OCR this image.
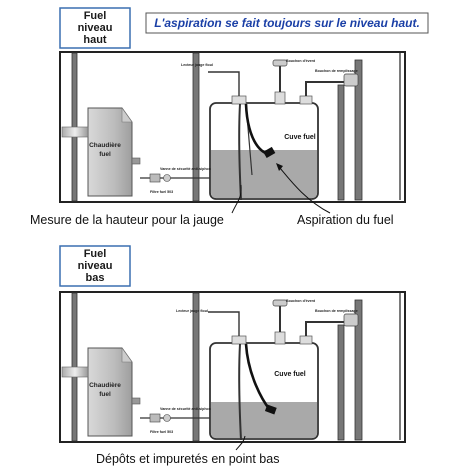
Fuel
niveau
haut
L'aspiration se fait toujours sur le niveau haut.
Chaudière
fuel
Cuve fuel
Lecteur jauge fioul
Bouchon d'évent
Bouchon de remplissage
Vanne de sécurité anti-siphon
Filtre fuel 503
Mesure de la hauteur pour la jauge	Aspiration du fuel
Fuel
niveau
bas
Chaudière
fuel
Cuve fuel
Lecteur jauge fioul
Bouchon d'évent
Bouchon de remplissage
Vanne de sécurité anti-siphon
Filtre fuel 503
Dépôts et impuretés en point bas
